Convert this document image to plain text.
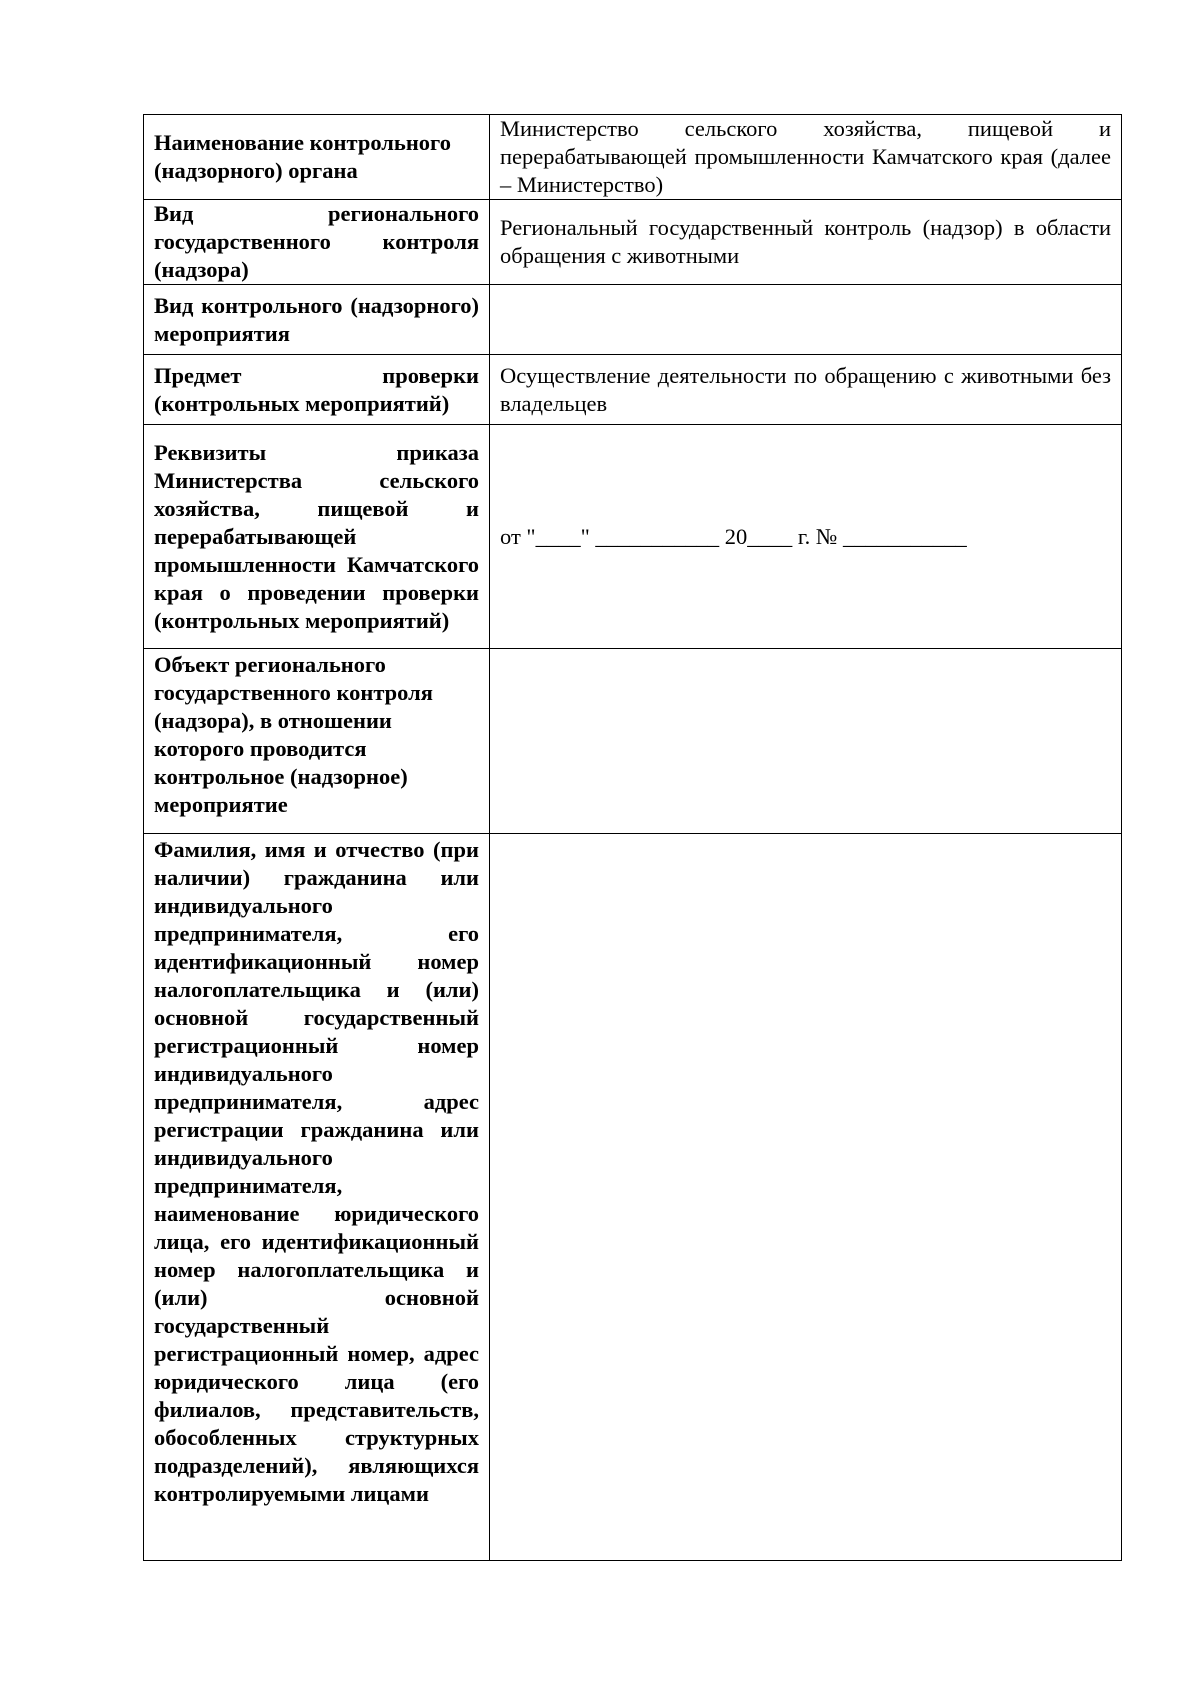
Наименование контрольного (надзорного) органа	Министерство сельского хозяйства, пищевой и перерабатывающей промышленности Камчатского края (далее – Министерство)
Вид регионального государственного контроля (надзора)	Региональный государственный контроль (надзор) в области обращения с животными
Вид контрольного (надзорного) мероприятия	
Предмет проверки (контрольных мероприятий)	Осуществление деятельности по обращению с животными без владельцев
Реквизиты приказа Министерства сельского хозяйства, пищевой и перерабатывающей промышленности Камчатского края о проведении проверки (контрольных мероприятий)	от "____" ___________ 20____ г. № ___________
Объект регионального государственного контроля (надзора), в отношении которого проводится контрольное (надзорное) мероприятие	
Фамилия, имя и отчество (при наличии) гражданина или индивидуального предпринимателя, его идентификационный номер налогоплательщика и (или) основной государственный регистрационный номер индивидуального предпринимателя, адрес регистрации гражданина или индивидуального предпринимателя, наименование юридического лица, его идентификационный номер налогоплательщика и (или) основной государственный регистрационный номер, адрес юридического лица (его филиалов, представительств, обособленных структурных подразделений), являющихся контролируемыми лицами	
